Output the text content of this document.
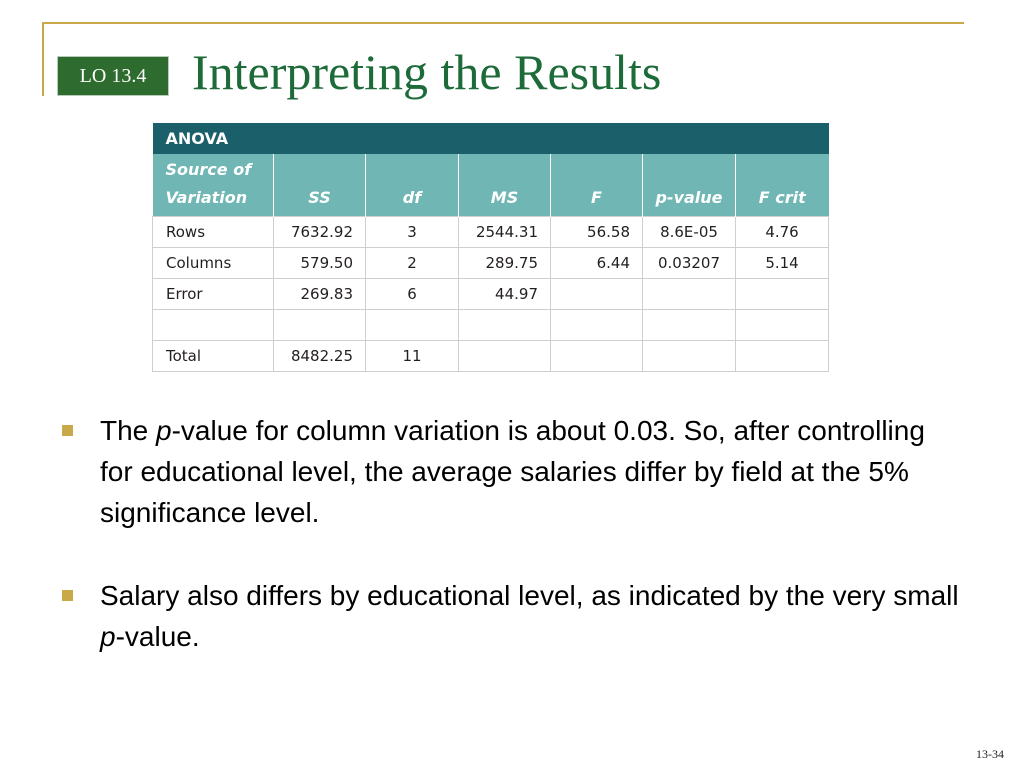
LO 13.4 Interpreting the Results
ANOVA						
Source of
Variation	SS	df	MS	F	p-value	F crit
Rows	7632.92	3	2544.31	56.58	8.6E-05	4.76
Columns	579.50	2	289.75	6.44	0.03207	5.14
Error	269.83	6	44.97			

Total	8482.25	11				
The p-value for column variation is about 0.03. So, after controlling for educational level, the average salaries differ by field at the 5% significance level.
Salary also differs by educational level, as indicated by the very small p-value.
13-34
